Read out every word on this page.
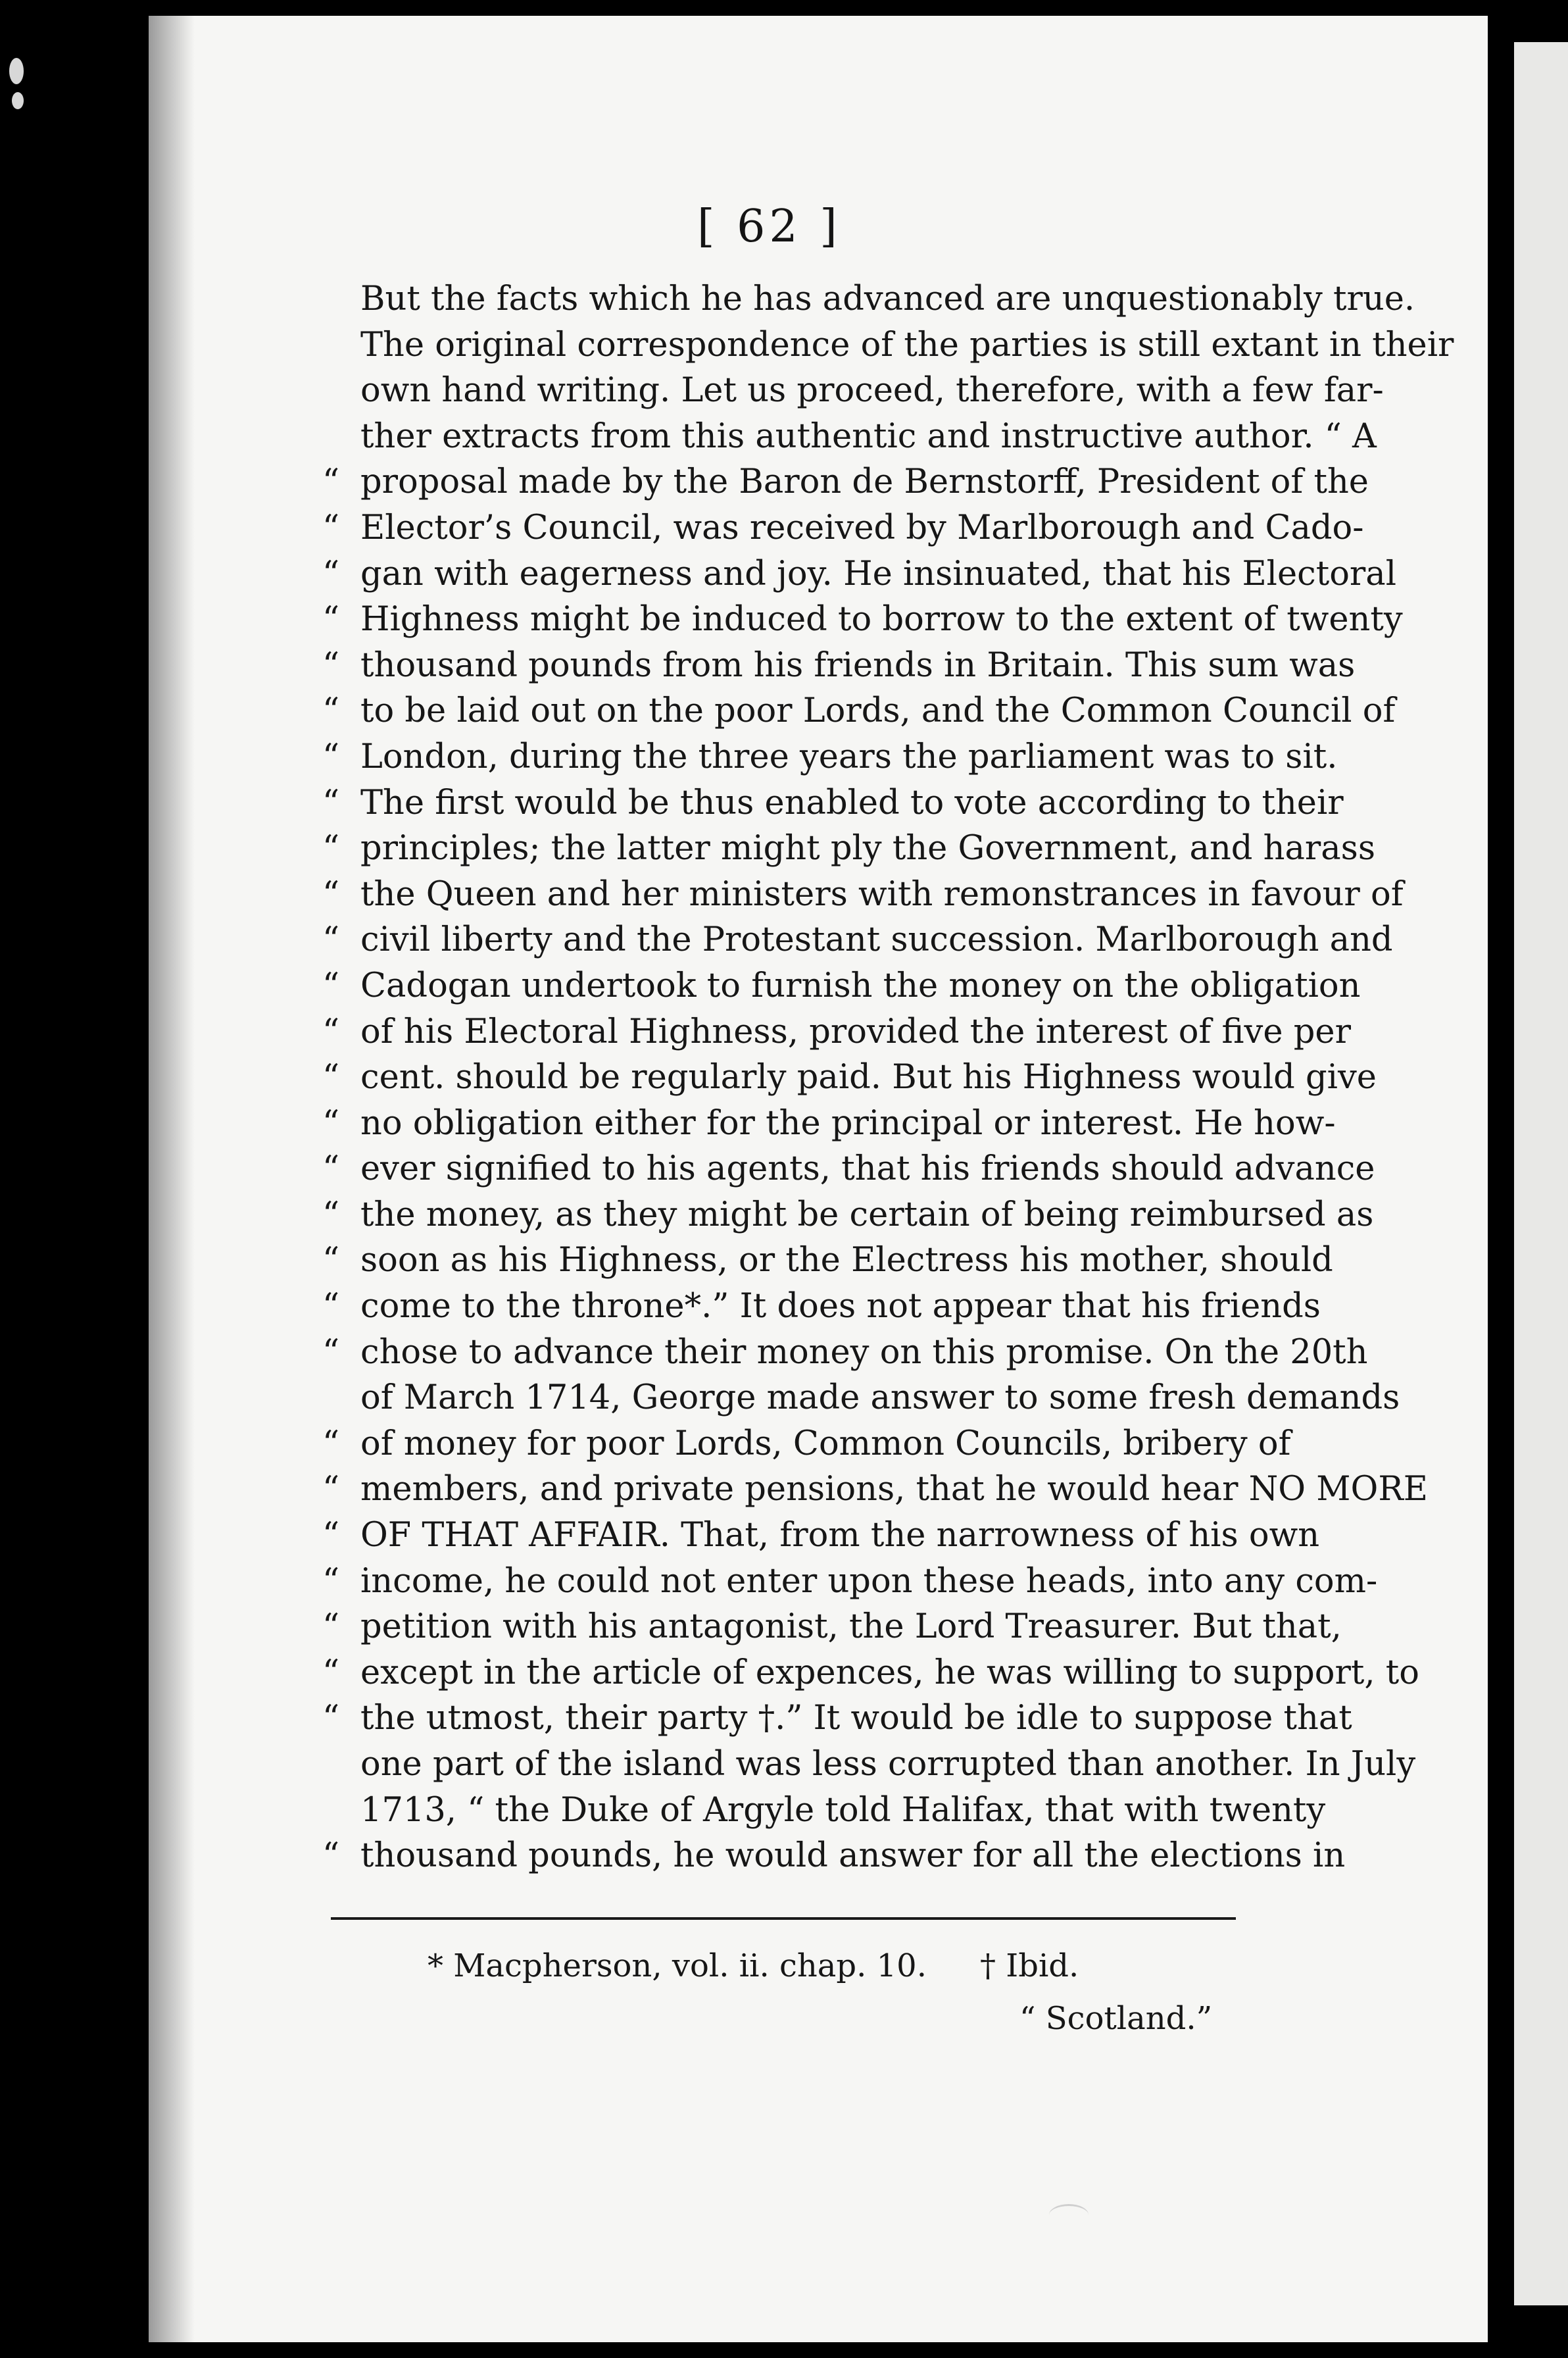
[ 62 ]
But the facts which he has advanced are unquestionably true.
The original correspondence of the parties is still extant in their
own hand writing. Let us proceed, therefore, with a few far-
ther extracts from this authentic and instructive author. “ A
“ proposal made by the Baron de Bernstorff, President of the
“ Elector’s Council, was received by Marlborough and Cado-
“ gan with eagerness and joy. He insinuated, that his Electoral
“ Highness might be induced to borrow to the extent of twenty
“ thousand pounds from his friends in Britain. This sum was
“ to be laid out on the poor Lords, and the Common Council of
“ London, during the three years the parliament was to sit.
“ The first would be thus enabled to vote according to their
“ principles; the latter might ply the Government, and harass
“ the Queen and her ministers with remonstrances in favour of
“ civil liberty and the Protestant succession. Marlborough and
“ Cadogan undertook to furnish the money on the obligation
“ of his Electoral Highness, provided the interest of five per
“ cent. should be regularly paid. But his Highness would give
“ no obligation either for the principal or interest. He how-
“ ever signified to his agents, that his friends should advance
“ the money, as they might be certain of being reimbursed as
“ soon as his Highness, or the Electress his mother, should
“ come to the throne*.” It does not appear that his friends
“ chose to advance their money on this promise. On the 20th
of March 1714, George made answer to some fresh demands
“ of money for poor Lords, Common Councils, bribery of
“ members, and private pensions, that he would hear NO MORE
“ OF THAT AFFAIR. That, from the narrowness of his own
“ income, he could not enter upon these heads, into any com-
“ petition with his antagonist, the Lord Treasurer. But that,
“ except in the article of expences, he was willing to support, to
“ the utmost, their party †.” It would be idle to suppose that
one part of the island was less corrupted than another. In July
1713, “ the Duke of Argyle told Halifax, that with twenty
“ thousand pounds, he would answer for all the elections in
* Macpherson, vol. ii. chap. 10. † Ibid.
“ Scotland.”
